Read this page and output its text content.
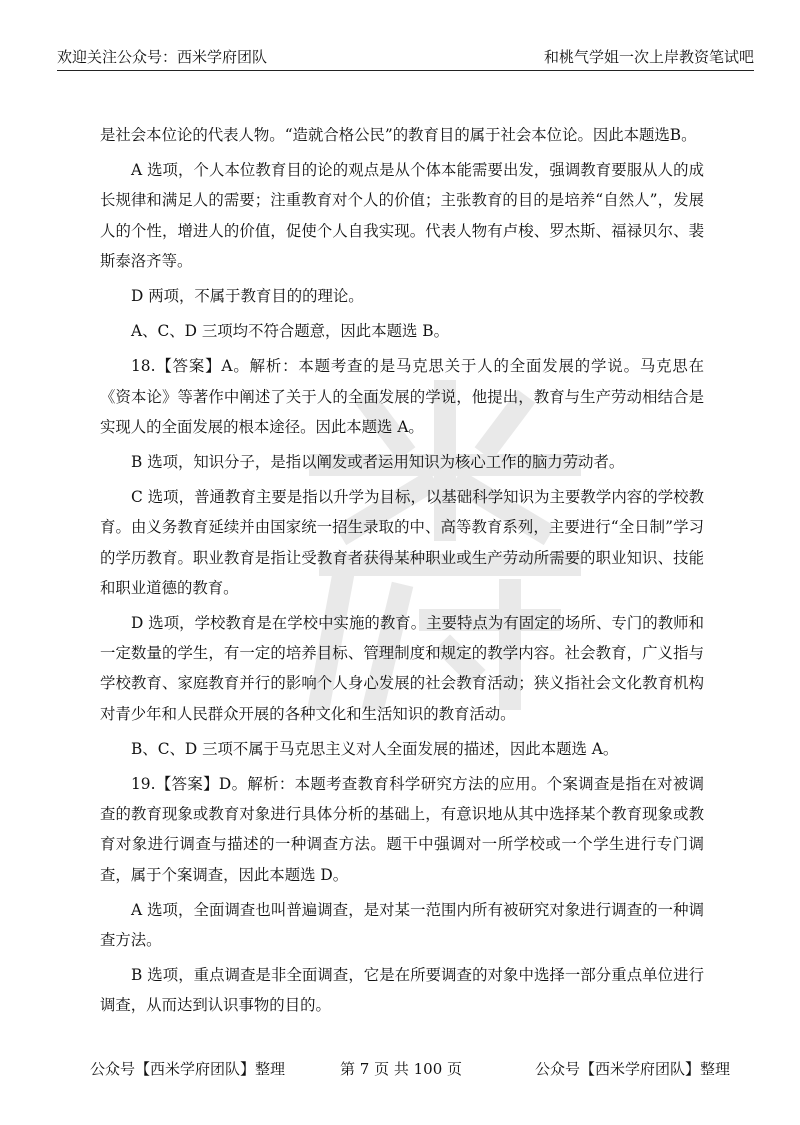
欢迎关注公众号：西米学府团队	和桃气学姐一次上岸教资笔试吧

是社会本位论的代表人物。“造就合格公民”的教育目的属于社会本位论。因此本题选B。

A 选项，个人本位教育目的论的观点是从个体本能需要出发，强调教育要服从人的成长规律和满足人的需要；注重教育对个人的价值；主张教育的目的是培养“自然人”，发展人的个性，增进人的价值，促使个人自我实现。代表人物有卢梭、罗杰斯、福禄贝尔、裴斯泰洛齐等。

D 两项，不属于教育目的的理论。

A、C、D 三项均不符合题意，因此本题选 B。

18.【答案】A。解析：本题考查的是马克思关于人的全面发展的学说。马克思在《资本论》等著作中阐述了关于人的全面发展的学说，他提出，教育与生产劳动相结合是实现人的全面发展的根本途径。因此本题选 A。

B 选项，知识分子，是指以阐发或者运用知识为核心工作的脑力劳动者。

C 选项，普通教育主要是指以升学为目标，以基础科学知识为主要教学内容的学校教育。由义务教育延续并由国家统一招生录取的中、高等教育系列，主要进行“全日制”学习的学历教育。职业教育是指让受教育者获得某种职业或生产劳动所需要的职业知识、技能和职业道德的教育。

D 选项，学校教育是在学校中实施的教育。主要特点为有固定的场所、专门的教师和一定数量的学生，有一定的培养目标、管理制度和规定的教学内容。社会教育，广义指与学校教育、家庭教育并行的影响个人身心发展的社会教育活动；狭义指社会文化教育机构对青少年和人民群众开展的各种文化和生活知识的教育活动。

B、C、D 三项不属于马克思主义对人全面发展的描述，因此本题选 A。

19.【答案】D。解析：本题考查教育科学研究方法的应用。个案调查是指在对被调查的教育现象或教育对象进行具体分析的基础上，有意识地从其中选择某个教育现象或教育对象进行调查与描述的一种调查方法。题干中强调对一所学校或一个学生进行专门调查，属于个案调查，因此本题选 D。

A 选项，全面调查也叫普遍调查，是对某一范围内所有被研究对象进行调查的一种调查方法。

B 选项，重点调查是非全面调查，它是在所要调查的对象中选择一部分重点单位进行调查，从而达到认识事物的目的。

公众号【西米学府团队】整理	第 7 页 共 100 页	公众号【西米学府团队】整理
